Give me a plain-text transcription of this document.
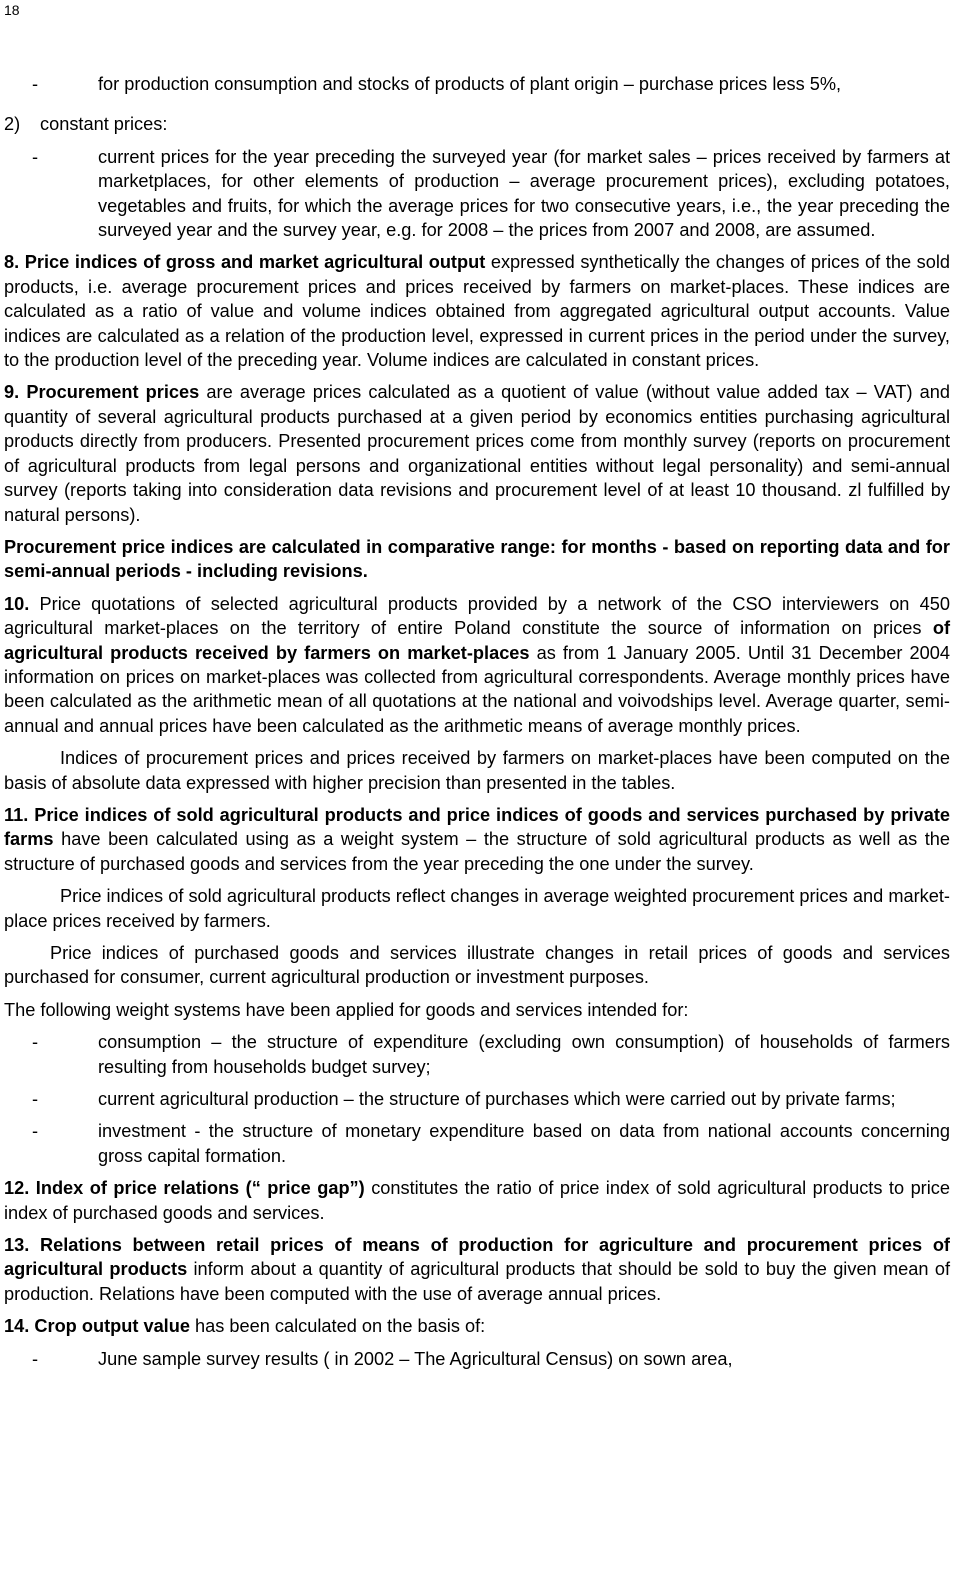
18
-	for production consumption and stocks of products of plant origin – purchase prices less 5%,
2)	constant prices:
-	current prices for the year preceding the surveyed year (for market sales – prices received by farmers at marketplaces, for other elements of production – average procurement prices), excluding potatoes, vegetables and fruits, for which the average prices for two consecutive years, i.e., the year preceding the surveyed year and the survey year, e.g. for 2008 – the prices from 2007 and 2008, are assumed.

8. Price indices of gross and market agricultural output expressed synthetically the changes of prices of the sold products, i.e. average procurement prices and prices received by farmers on market-places. These indices are calculated as a ratio of value and volume indices obtained from aggregated agricultural output accounts. Value indices are calculated as a relation of the production level, expressed in current prices in the period under the survey, to the production level of the preceding year. Volume indices are calculated in constant prices.

9. Procurement prices are average prices calculated as a quotient of value (without value added tax – VAT) and quantity of several agricultural products purchased at a given period by economics entities purchasing agricultural products directly from producers. Presented procurement prices come from monthly survey (reports on procurement of agricultural products from legal persons and organizational entities without legal personality) and semi-annual survey (reports taking into consideration data revisions and procurement level of at least 10 thousand. zl fulfilled by natural persons).

Procurement price indices are calculated in comparative range: for months - based on reporting data and for semi-annual periods - including revisions.

10. Price quotations of selected agricultural products provided by a network of the CSO interviewers on 450 agricultural market-places on the territory of entire Poland constitute the source of information on prices of agricultural products received by farmers on market-places as from 1 January 2005. Until 31 December 2004 information on prices on market-places was collected from agricultural correspondents. Average monthly prices have been calculated as the arithmetic mean of all quotations at the national and voivodships level. Average quarter, semi-annual and annual prices have been calculated as the arithmetic means of average monthly prices.

Indices of procurement prices and prices received by farmers on market-places have been computed on the basis of absolute data expressed with higher precision than presented in the tables.

11. Price indices of sold agricultural products and price indices of goods and services purchased by private farms have been calculated using as a weight system – the structure of sold agricultural products as well as the structure of purchased goods and services from the year preceding the one under the survey.

Price indices of sold agricultural products reflect changes in average weighted procurement prices and market-place prices received by farmers.

Price indices of purchased goods and services illustrate changes in retail prices of goods and services purchased for consumer, current agricultural production or investment purposes.

The following weight systems have been applied for goods and services intended for:

-	consumption – the structure of expenditure (excluding own consumption) of households of farmers resulting from households budget survey;
-	current agricultural production – the structure of purchases which were carried out by private farms;
-	investment - the structure of monetary expenditure based on data from national accounts concerning gross capital formation.

12. Index of price relations (“ price gap”) constitutes the ratio of price index of sold agricultural products to price index of purchased goods and services.

13. Relations between retail prices of means of production for agriculture and procurement prices of agricultural products inform about a quantity of agricultural products that should be sold to buy the given mean of production. Relations have been computed with the use of average annual prices.

14. Crop output value has been calculated on the basis of:

-	June sample survey results ( in 2002 – The Agricultural Census) on sown area,
